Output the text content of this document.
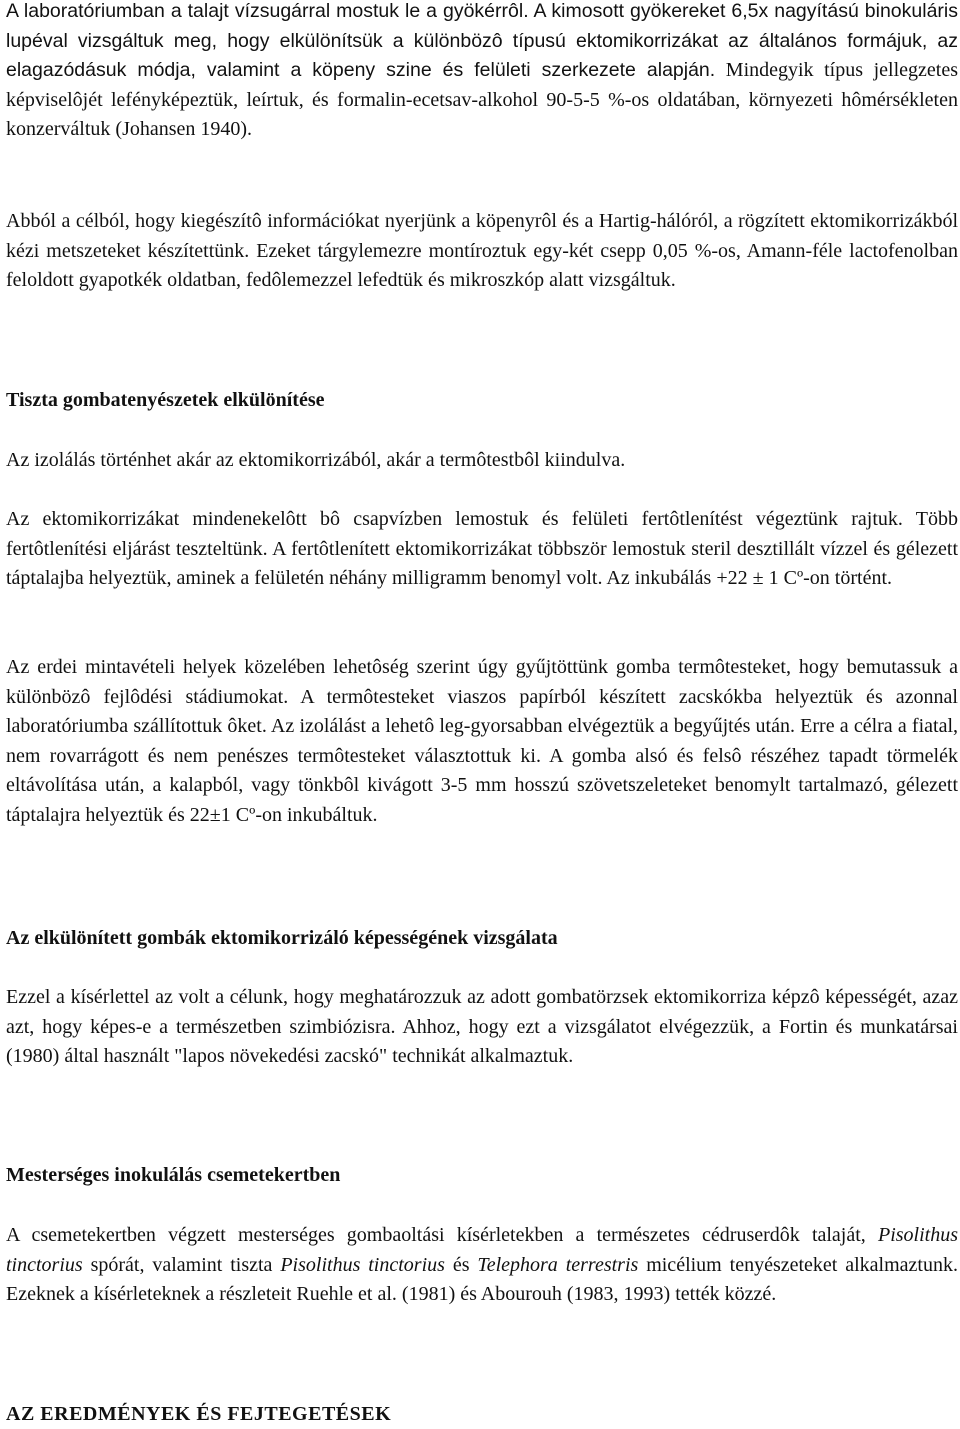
A laboratóriumban a talajt vízsugárral mostuk le a gyökérrôl. A kimosott gyökereket 6,5x nagyítású binokuláris lupéval vizsgáltuk meg, hogy elkülönítsük a különbözô típusú ektomikorrizákat az általános formájuk, az elagazódásuk módja, valamint a köpeny szine és felületi szerkezete alapján. Mindegyik típus jellegzetes képviselôjét lefényképeztük, leírtuk, és formalin-ecetsav-alkohol 90-5-5 %-os oldatában, környezeti hômérsékleten konzerváltuk (Johansen 1940).

Abból a célból, hogy kiegészítô információkat nyerjünk a köpenyrôl és a Hartig-hálóról, a rögzített ektomikorrizákból kézi metszeteket készítettünk. Ezeket tárgylemezre montíroztuk egy-két csepp 0,05 %-os, Amann-féle lactofenolban feloldott gyapotkék oldatban, fedôlemezzel lefedtük és mikroszkóp alatt vizsgáltuk.

Tiszta gombatenyészetek elkülönítése

Az izolálás történhet akár az ektomikorrizából, akár a termôtestbôl kiindulva.

Az ektomikorrizákat mindenekelôtt bô csapvízben lemostuk és felületi fertôtlenítést végeztünk rajtuk. Több fertôtlenítési eljárást teszteltünk. A fertôtlenített ektomikorrizákat többször lemostuk steril desztillált vízzel és gélezett táptalajba helyeztük, aminek a felületén néhány milligramm benomyl volt. Az inkubálás +22 ± 1 Cº-on történt.

Az erdei mintavételi helyek közelében lehetôség szerint úgy gyűjtöttünk gomba termôtesteket, hogy bemutassuk a különbözô fejlôdési stádiumokat. A termôtesteket viaszos papírból készített zacskókba helyeztük és azonnal laboratóriumba szállítottuk ôket. Az izolálást a lehetô leg-gyorsabban elvégeztük a begyűjtés után. Erre a célra a fiatal, nem rovarrágott és nem penészes termôtesteket választottuk ki. A gomba alsó és felsô részéhez tapadt törmelék eltávolítása után, a kalapból, vagy tönkbôl kivágott 3-5 mm hosszú szövetszeleteket benomylt tartalmazó, gélezett táptalajra helyeztük és 22±1 Cº-on inkubáltuk.

Az elkülönített gombák ektomikorrizáló képességének vizsgálata

Ezzel a kísérlettel az volt a célunk, hogy meghatározzuk az adott gombatörzsek ektomikorriza képzô képességét, azaz azt, hogy képes-e a természetben szimbiózisra. Ahhoz, hogy ezt a vizsgálatot elvégezzük, a Fortin és munkatársai (1980) által használt "lapos növekedési zacskó" technikát alkalmaztuk.

Mesterséges inokulálás csemetekertben

A csemetekertben végzett mesterséges gombaoltási kísérletekben a természetes cédruserdôk talaját, Pisolithus tinctorius spórát, valamint tiszta Pisolithus tinctorius és Telephora terrestris micélium tenyészeteket alkalmaztunk. Ezeknek a kísérleteknek a részleteit Ruehle et al. (1981) és Abourouh (1983, 1993) tették közzé.

AZ EREDMÉNYEK ÉS FEJTEGETÉSEK
